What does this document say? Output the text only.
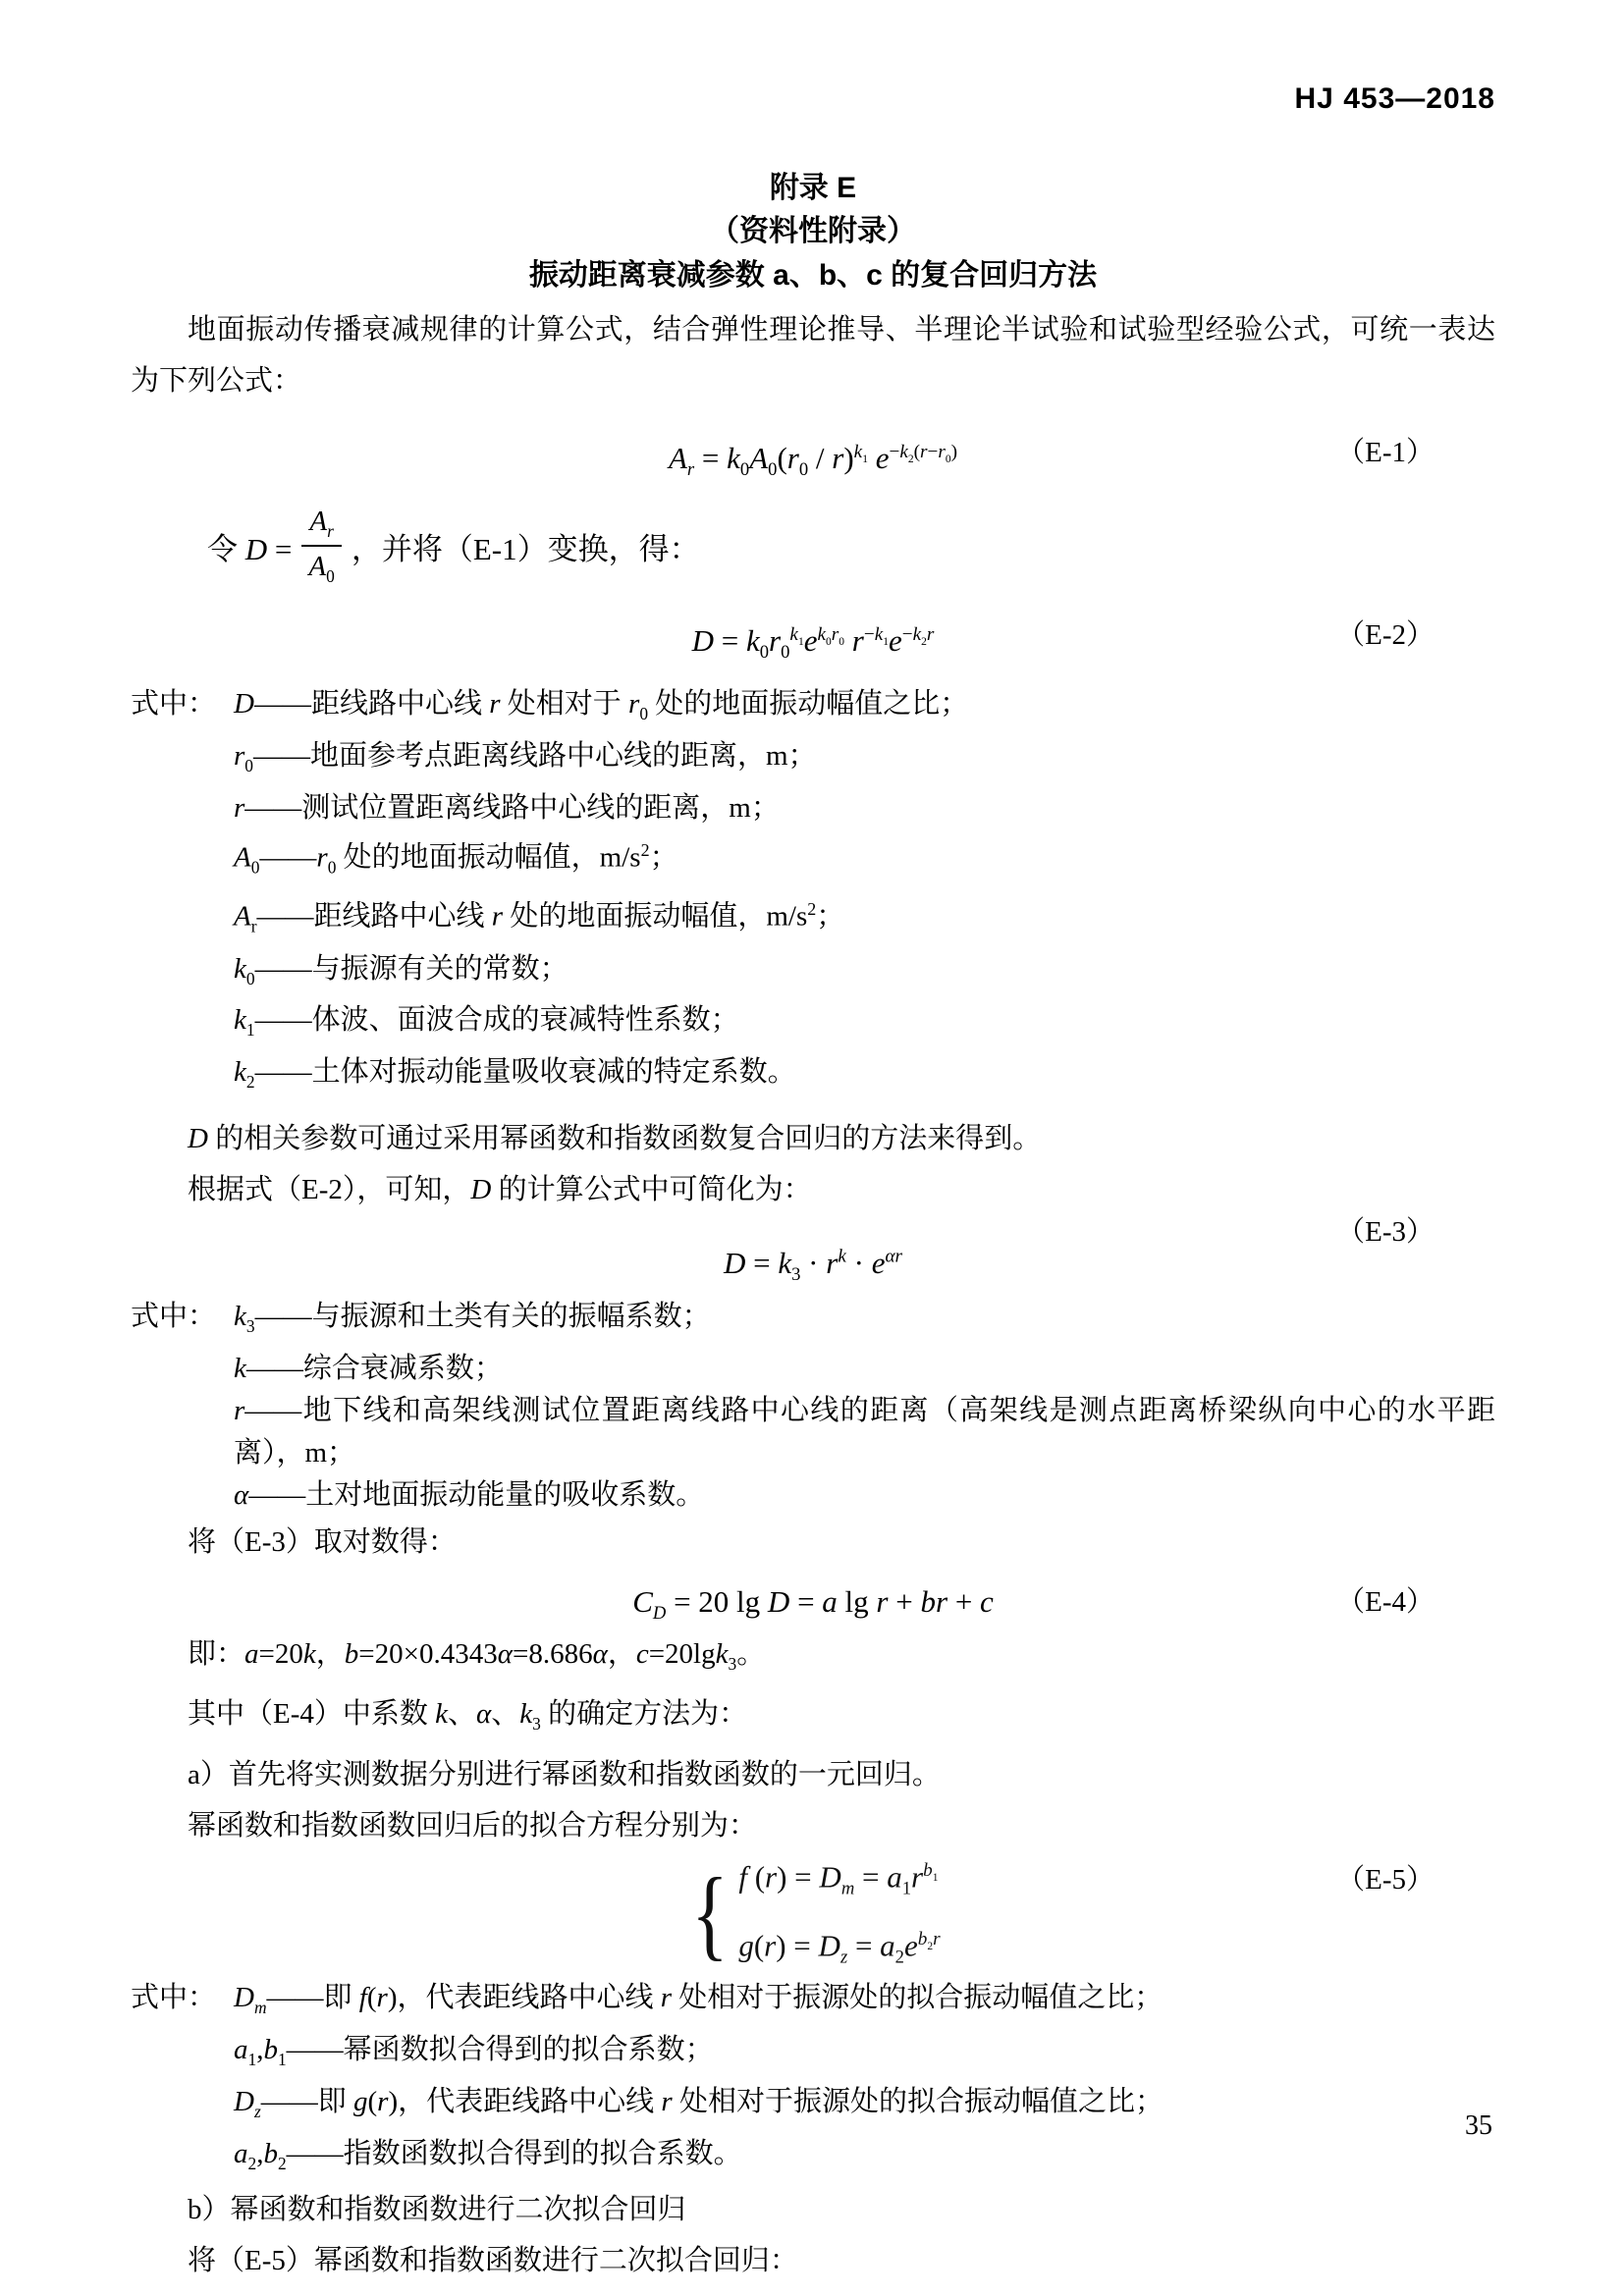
HJ 453—2018
附录 E
（资料性附录）
振动距离衰减参数 a、b、c 的复合回归方法

地面振动传播衰减规律的计算公式，结合弹性理论推导、半理论半试验和试验型经验公式，可统一表达为下列公式：

$A_r = k_0A_0(r_0 / r)^{k_1}$ $e^{-k_2(r-r_0)}$	（E-1）
令 $D = \frac{A_r}{A_0}$ ，并将（E-1）变换，得：
$D = k_0r_0^{k_1}e^{k_0r_0}$ $r^{-k_1}e^{-k_2r}$	（E-2）
式中： D——距线路中心线 r 处相对于 $r_0$ 处的地面振动幅值之比；
$r_0——$地面参考点距离线路中心线的距离，m；
r——测试位置距离线路中心线的距离，m；
$A_0——r_0$ 处的地面振动幅值，$m/s^2$；
$A_r——$距线路中心线 r 处的地面振动幅值，$m/s^2$；
$k_0——$与振源有关的常数；
$k_1——$体波、面波合成的衰减特性系数；
$k_2——$土体对振动能量吸收衰减的特定系数。

D 的相关参数可通过采用幂函数和指数函数复合回归的方法来得到。

根据式（E-2），可知，D 的计算公式中可简化为：

$D = k_3 \cdot r^k \cdot e^{\alpha r}$
（E-3）
式中： $k_3——$与振源和土类有关的振幅系数；
k——综合衰减系数；
r——地下线和高架线测试位置距离线路中心线的距离（高架线是测点距离桥梁纵向中心的水平距离），m；
α——土对地面振动能量的吸收系数。

将（E-3）取对数得：

$C_D = 20$ lg D = a lg r + br + c	（E-4）

即：a=20k，b=20×0.4343α=8.686α，c=20lgk$_3$。

其中（E-4）中系数 k、α、$k_3$ 的确定方法为：

a）首先将实测数据分别进行幂函数和指数函数的一元回归。

幂函数和指数函数回归后的拟合方程分别为：

{ f $(r) = D_m = a_1r^{b_1}$
$g(r) = D_z = a_2e^{b_2r}$
（E-5）
式中： $D_m——$即 f(r)，代表距线路中心线 r 处相对于振源处的拟合振动幅值之比；
$a_1,b_1——$幂函数拟合得到的拟合系数；
$D_z——$即 g(r)，代表距线路中心线 r 处相对于振源处的拟合振动幅值之比；
$a_2,b_2——$指数函数拟合得到的拟合系数。

b）幂函数和指数函数进行二次拟合回归

将（E-5）幂函数和指数函数进行二次拟合回归：

35
